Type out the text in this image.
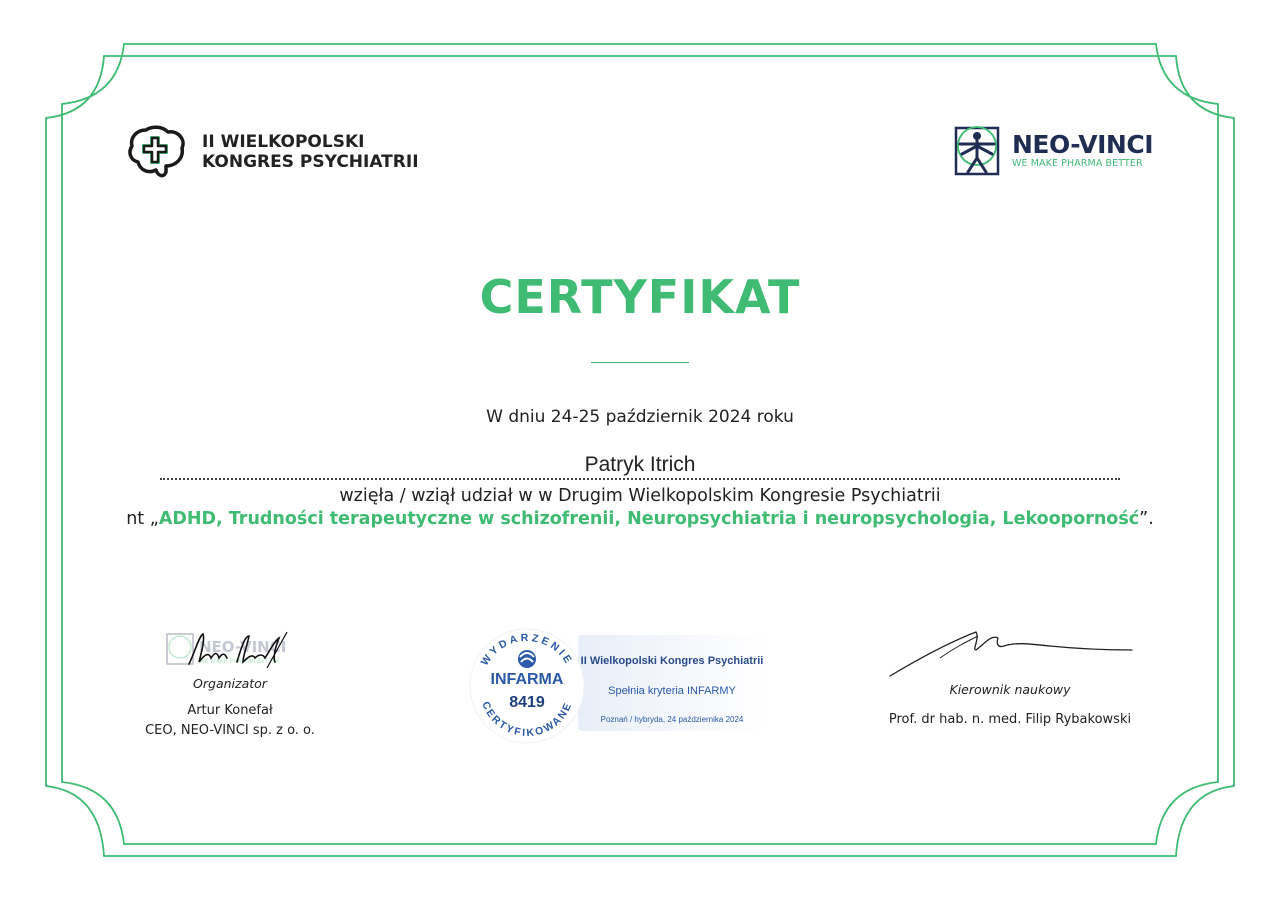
II WIELKOPOLSKI
KONGRES PSYCHIATRII
NEO-VINCI
WE MAKE PHARMA BETTER
CERTYFIKAT
W dniu 24-25 październik 2024 roku
Patryk Itrich
wzięła / wziął udział w w Drugim Wielkopolskim Kongresie Psychiatrii
nt „ADHD, Trudności terapeutyczne w schizofrenii, Neuropsychiatria i neuropsychologia, Lekooporność”.
NEO-VINCI
WE MAKE PHARMA BETTER
Organizator
Artur Konefał
CEO, NEO-VINCI sp. z o. o.
II Wielkopolski Kongres Psychiatrii
Spełnia kryteria INFARMY
Poznań / hybryda, 24 października 2024
WYDARZENIE
CERTYFIKOWANE
INFARMA
8419
Kierownik naukowy
Prof. dr hab. n. med. Filip Rybakowski
